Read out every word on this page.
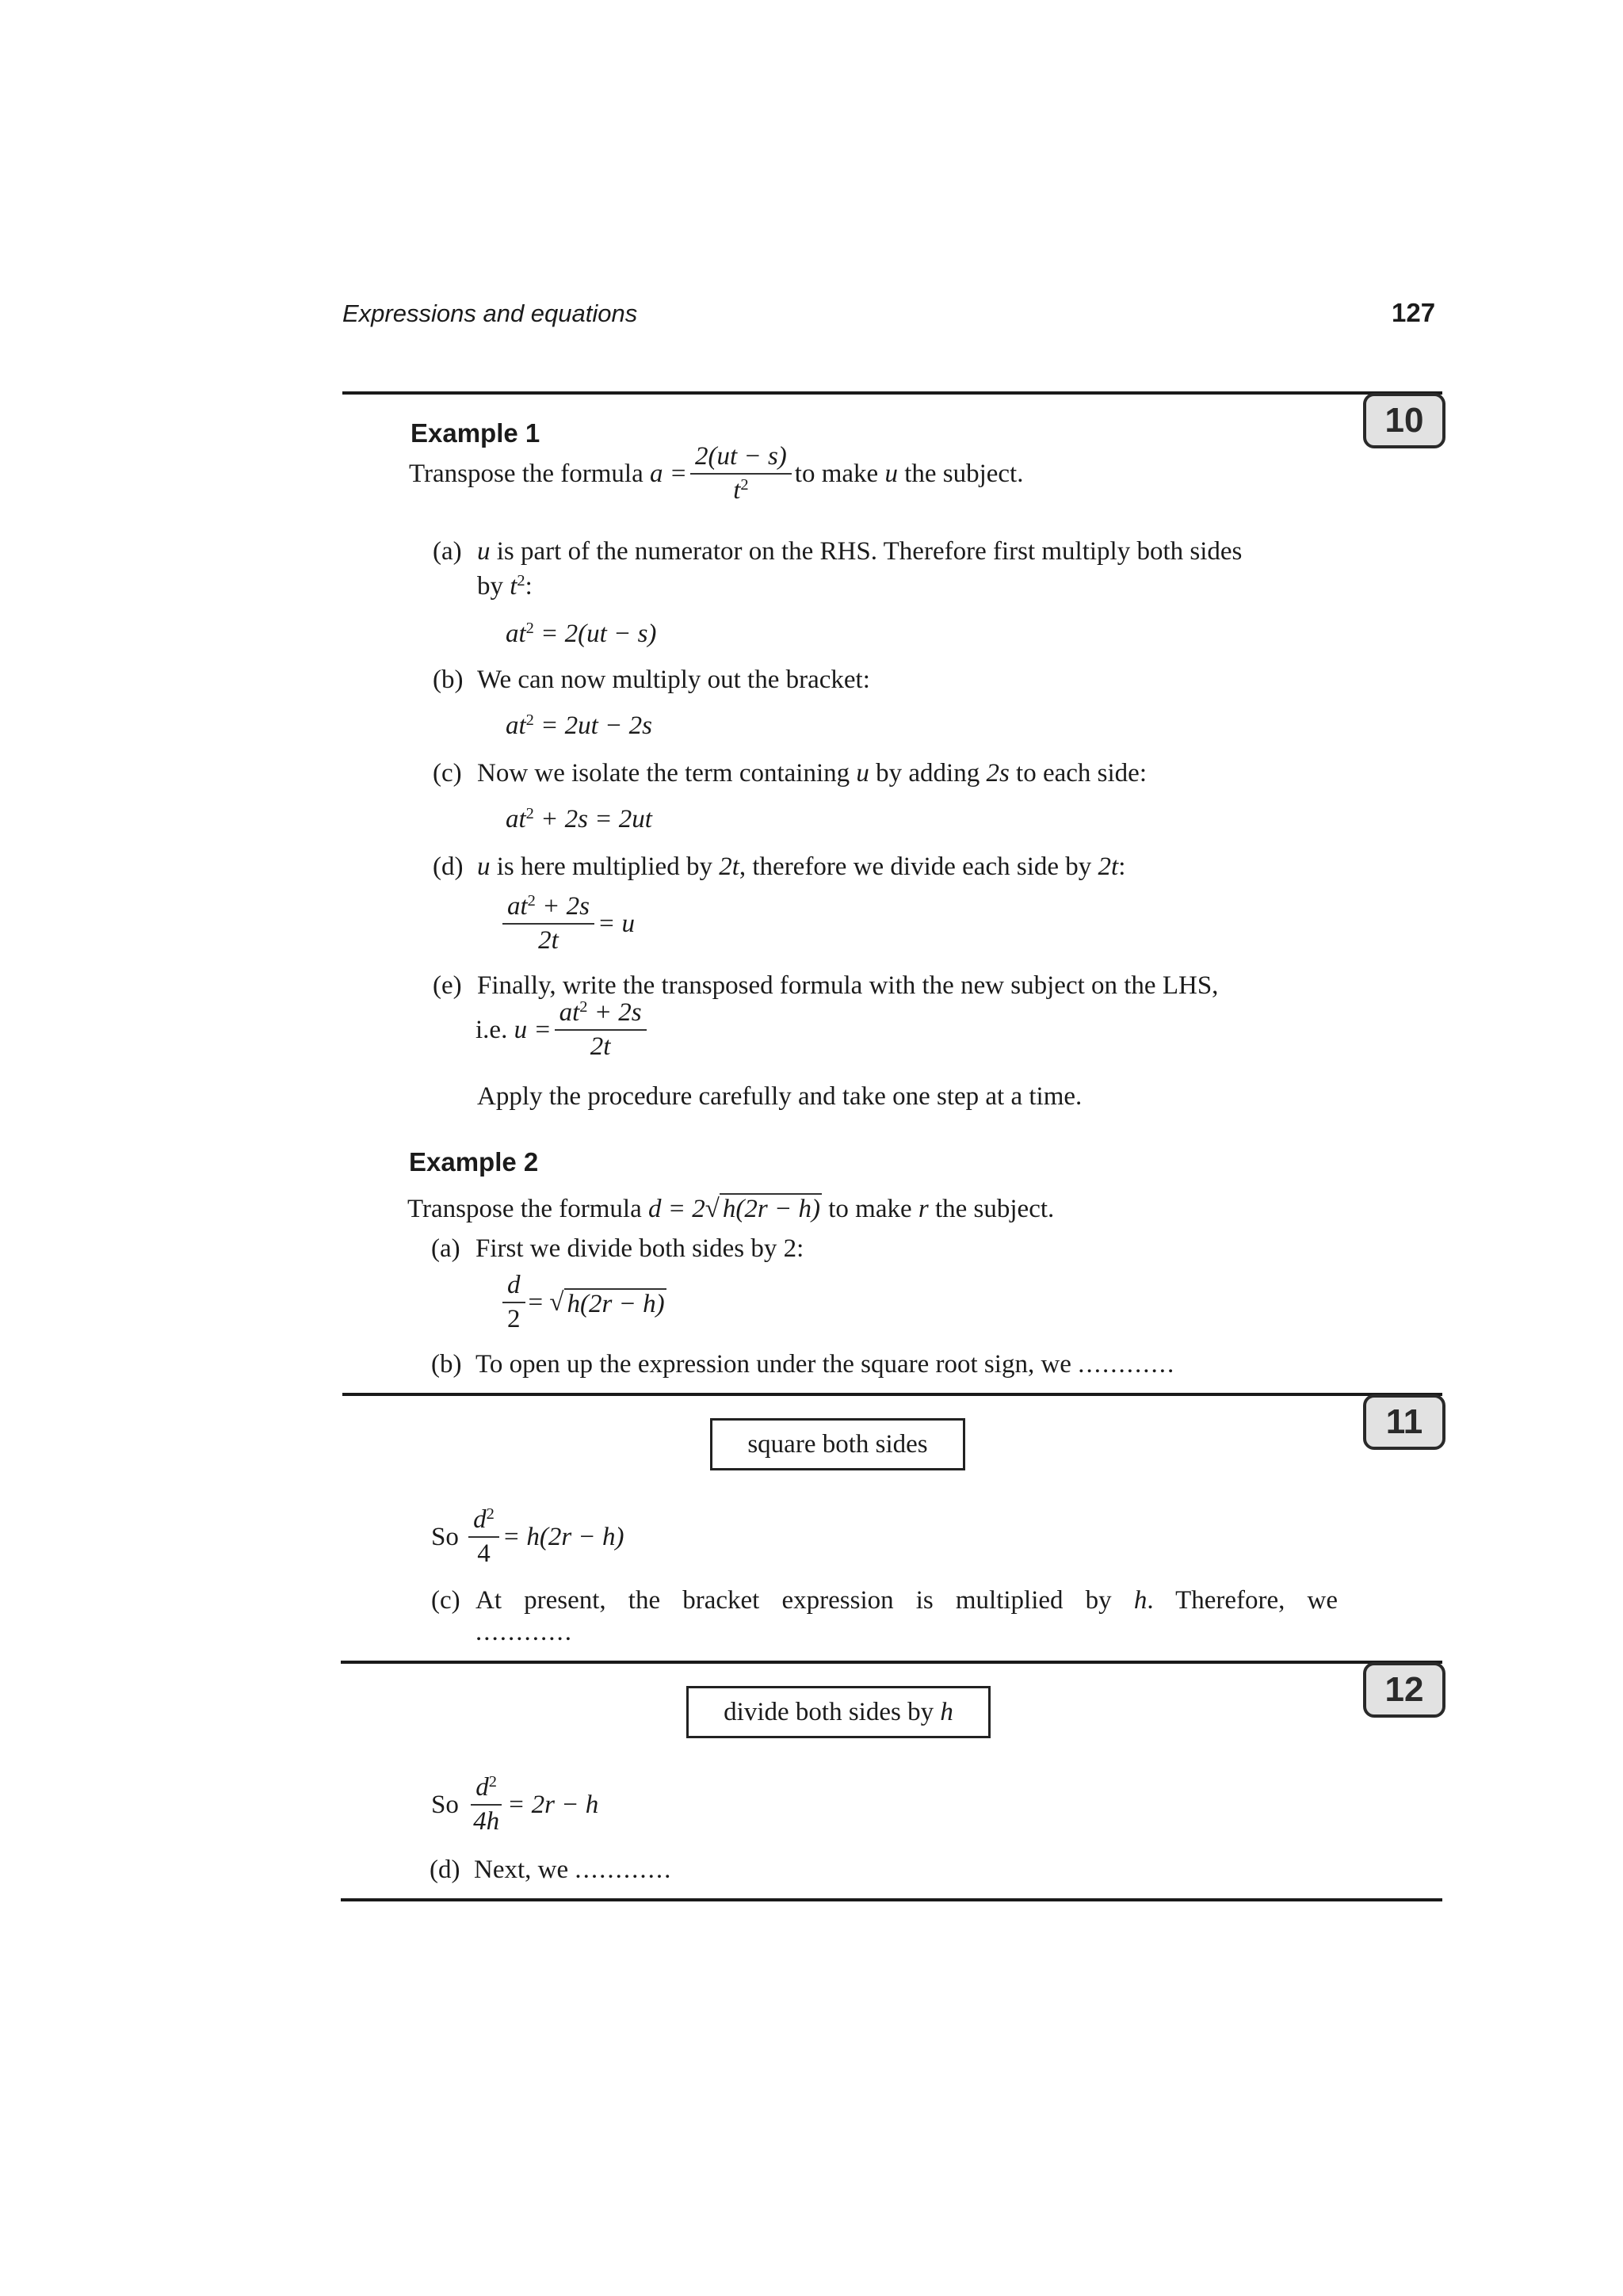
Expressions and equations	127
10
Example 1
Transpose the formula
$a = \frac{2(ut - s)}{t^2}$ to make
u
the subject.
(a) u is part of the numerator on the RHS. Therefore first multiply both sides
by $t^2$:
$at^2 = 2(ut - s)$
(b) We can now multiply out the bracket:
$at^2 = 2ut - 2s$
(c) Now we isolate the term containing u by adding 2s to each side:
$at^2 + 2s = 2ut$
(d) u is here multiplied by 2t, therefore we divide each side by 2t:
$\frac{at^2 + 2s}{2t} = u$
(e) Finally, write the transposed formula with the new subject on the LHS,
i.e.
$u = \frac{at^2 + 2s}{2t}$
Apply the procedure carefully and take one step at a time.
Example 2
Transpose the formula d = 2√ h(2r − h) to make r the subject.
(a) First we divide both sides by 2:
$\frac{d}{2}$ =
√ h(2r − h)
(b) To open up the expression under the square root sign, we ............
11
square both sides
So
$\frac{d^2}{4} = h(2r - h)$
(c) At present, the bracket expression is multiplied by h. Therefore, we
............
12
divide both sides by h
So
$\frac{d^2}{4h} = 2r - h$
(d) Next, we ............
